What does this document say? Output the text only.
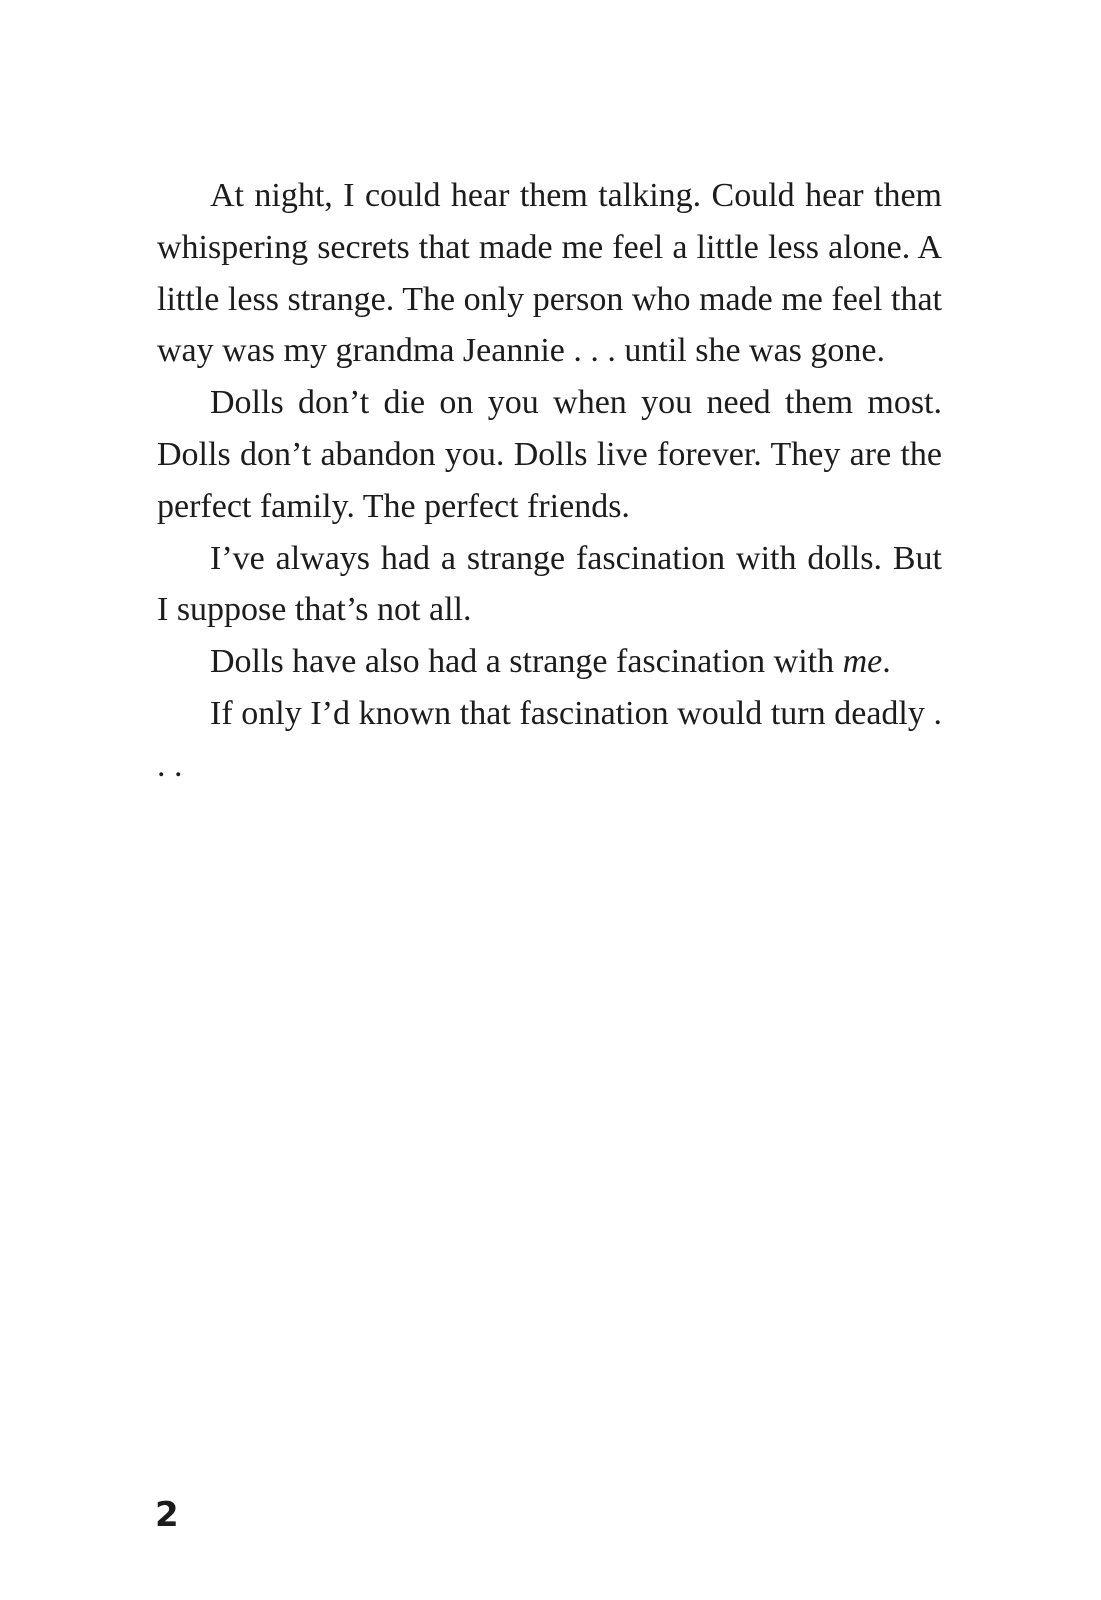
At night, I could hear them talking. Could hear them whispering secrets that made me feel a little less alone. A little less strange. The only person who made me feel that way was my grandma Jeannie . . . until she was gone.

Dolls don’t die on you when you need them most. Dolls don’t abandon you. Dolls live forever. They are the perfect family. The perfect friends.

I’ve always had a strange fascination with dolls. But I suppose that’s not all.

Dolls have also had a strange fascination with me.

If only I’d known that fascination would turn deadly . . .

2
